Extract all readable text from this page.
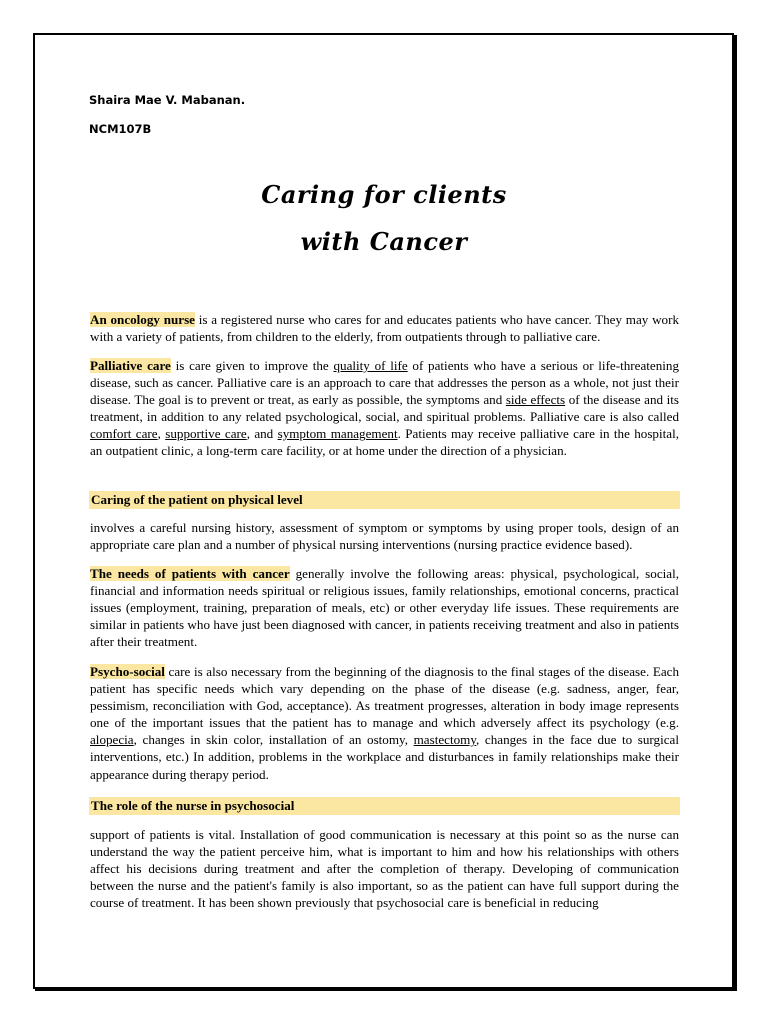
Shaira Mae V. Mabanan.
NCM107B
Caring for clients
with Cancer

An oncology nurse is a registered nurse who cares for and educates patients who have cancer. They may work with a variety of patients, from children to the elderly, from outpatients through to palliative care.

Palliative care is care given to improve the quality of life of patients who have a serious or life-threatening disease, such as cancer. Palliative care is an approach to care that addresses the person as a whole, not just their disease. The goal is to prevent or treat, as early as possible, the symptoms and side effects of the disease and its treatment, in addition to any related psychological, social, and spiritual problems. Palliative care is also called comfort care, supportive care, and symptom management. Patients may receive palliative care in the hospital, an outpatient clinic, a long-term care facility, or at home under the direction of a physician.

Caring of the patient on physical level

involves a careful nursing history, assessment of symptom or symptoms by using proper tools, design of an appropriate care plan and a number of physical nursing interventions (nursing practice evidence based).

The needs of patients with cancer generally involve the following areas: physical, psychological, social, financial and information needs spiritual or religious issues, family relationships, emotional concerns, practical issues (employment, training, preparation of meals, etc) or other everyday life issues. These requirements are similar in patients who have just been diagnosed with cancer, in patients receiving treatment and also in patients after their treatment.

Psycho-social care is also necessary from the beginning of the diagnosis to the final stages of the disease. Each patient has specific needs which vary depending on the phase of the disease (e.g. sadness, anger, fear, pessimism, reconciliation with God, acceptance). As treatment progresses, alteration in body image represents one of the important issues that the patient has to manage and which adversely affect its psychology (e.g. alopecia, changes in skin color, installation of an ostomy, mastectomy, changes in the face due to surgical interventions, etc.) In addition, problems in the workplace and disturbances in family relationships make their appearance during therapy period.

The role of the nurse in psychosocial

support of patients is vital. Installation of good communication is necessary at this point so as the nurse can understand the way the patient perceive him, what is important to him and how his relationships with others affect his decisions during treatment and after the completion of therapy. Developing of communication between the nurse and the patient's family is also important, so as the patient can have full support during the course of treatment. It has been shown previously that psychosocial care is beneficial in reducing
